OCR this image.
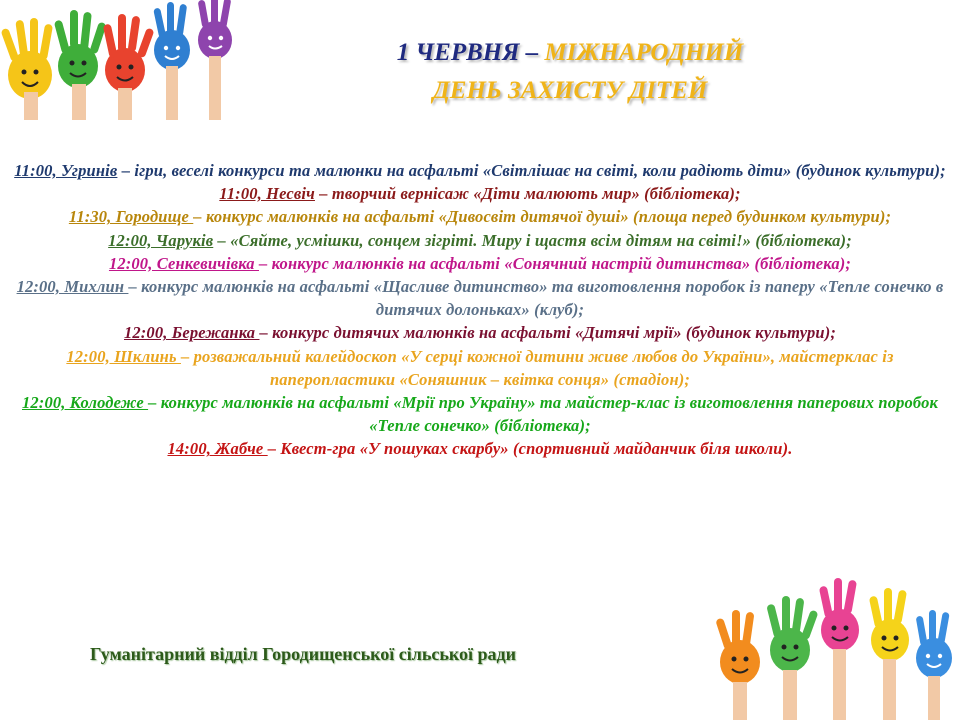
1 ЧЕРВНЯ – МІЖНАРОДНИЙ
ДЕНЬ ЗАХИСТУ ДІТЕЙ
11:00, Угринів – ігри, веселі конкурси та малюнки на асфальті «Світлішає на світі, коли радіють діти» (будинок культури);
11:00, Несвіч – творчий вернісаж «Діти малюють мир» (бібліотека);
11:30, Городище – конкурс малюнків на асфальті «Дивосвіт дитячої душі» (площа перед будинком культури);
12:00, Чаруків – «Сяйте, усмішки, сонцем зігріті. Миру і щастя всім дітям на світі!» (бібліотека);
12:00, Сенкевичівка – конкурс малюнків на асфальті «Сонячний настрій дитинства» (бібліотека);
12:00, Михлин – конкурс малюнків на асфальті «Щасливе дитинство» та виготовлення поробок із паперу «Тепле сонечко в дитячих долоньках» (клуб);
12:00, Бережанка – конкурс дитячих малюнків на асфальті «Дитячі мрії» (будинок культури);
12:00, Шклинь – розважальний калейдоскоп «У серці кожної дитини живе любов до України», майстерклас із паперопластики «Соняшник – квітка сонця» (стадіон);
12:00, Колодеже – конкурс малюнків на асфальті «Мрії про Україну» та майстер-клас із виготовлення паперових поробок «Тепле сонечко» (бібліотека);
14:00, Жабче – Квест-гра «У пошуках скарбу» (спортивний майданчик біля школи).
Гуманітарний відділ Городищенської сільської ради
